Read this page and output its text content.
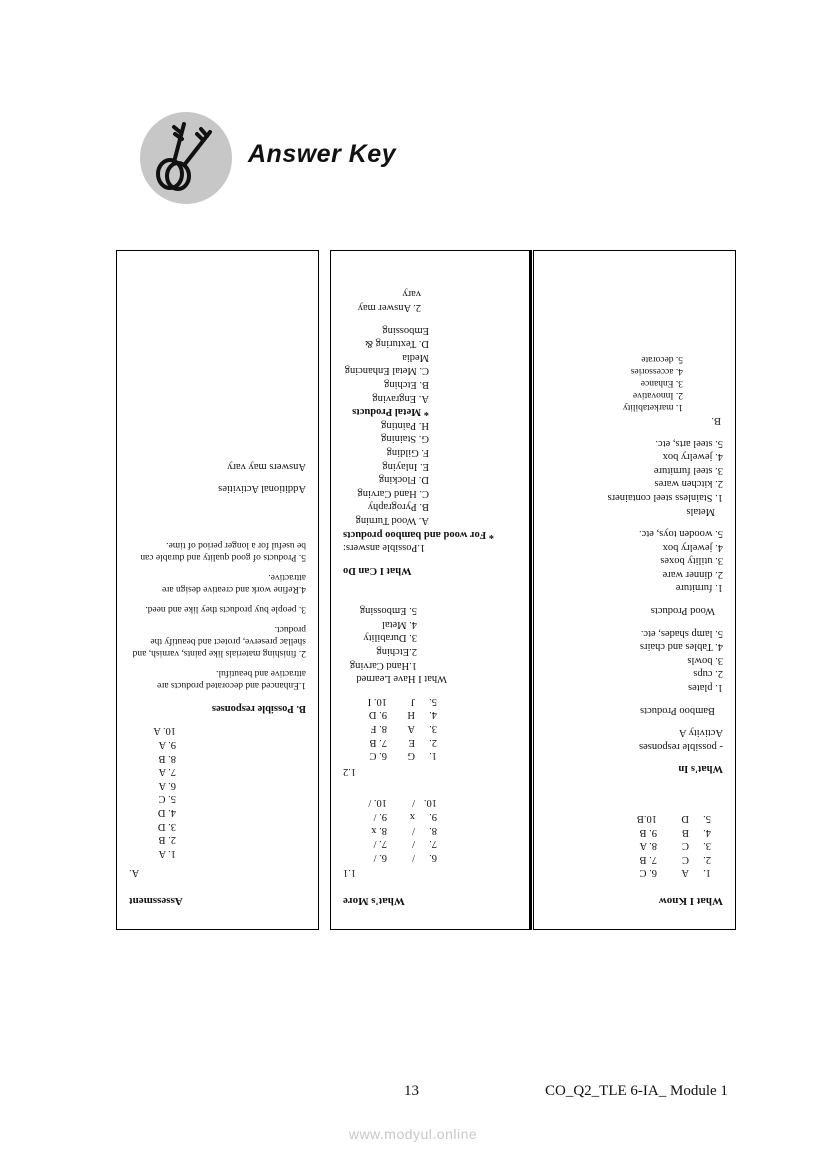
Answer Key
Assessment
A.
1. A
2. B
3. D
4. D
5. C
6. A
7. A
8. B
9. A
10. A
B. Possible responses

1.Enhanced and decorated products are attractive and beautiful.

2. finishing materials like paints, varnish, and shellac preserve, protect and beautify the product.

3. people buy products they like and need.

4.Refine work and creative design are attractive.

5. Products of good quality and durable can be useful for a longer period of time.

Additional Activities
Answers may vary
What's More
1.1
6.
/
6. /
7.
/
7. /
8.
/
8. x
9.
x
9. /
10.
/
10. /
1.2
1.
G
6. C
2.
E
7. B
3.
A
8. F
4.
H
9. D
5.
J
10. I
What I Have Learned
1.Hand Carving
2.Etching
3. Durability
4. Metal
5. Embossing
What I Can Do
1.Possible answers:
* For wood and bamboo products
A. Wood Turning
B. Pyrography
C. Hand Carving
D. Flocking
E. Inlaying
F. Gilding
G. Staining
H. Painting
* Metal Products
A. Engraving
B. Etching
C. Metal Enhancing Media
D. Texturing & Embossing
2. Answer may vary
What I Know
1.
A
6. C
2.
C
7. B
3.
C
8. A
4.
B
9. B
5.
D
10.B
What's In
- possible responses
Activity A
Bamboo Products
1. plates
2. cups
3. bowls
4. Tables and chairs
5. lamp shades, etc.
Wood Products
1. furniture
2. dinner ware
3. utility boxes
4. jewelry box
5. wooden toys, etc.
Metals
1. Stainless steel containers
2. kitchen wares
3. steel furniture
4. jewelry box
5. steel arts, etc.
B.
1. marketability
2. Innovative
3. Enhance
4. accessories
5. decorate
13	CO_Q2_TLE 6-IA_ Module 1
www.modyul.online
